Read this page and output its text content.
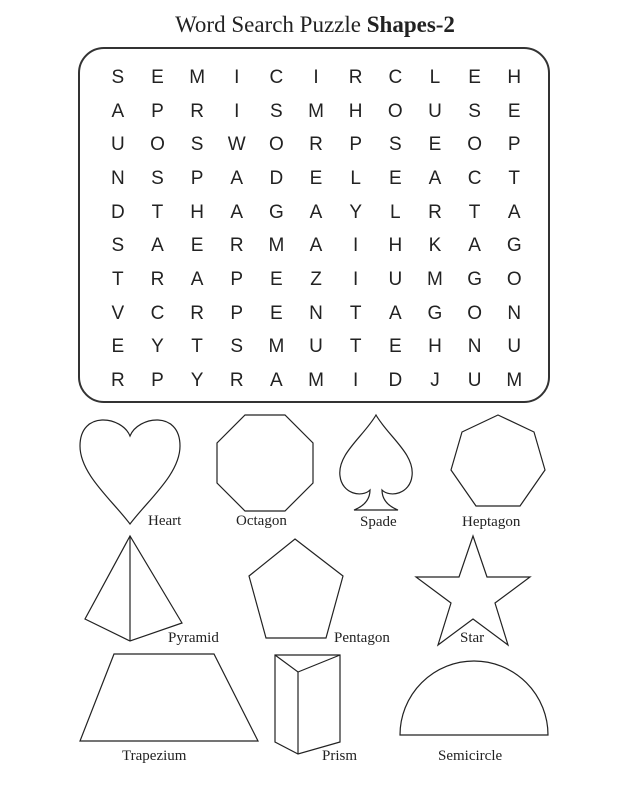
Word Search Puzzle Shapes-2
S	E	M	I	C	I	R	C	L	E	H
A	P	R	I	S	M	H	O	U	S	E
U	O	S	W	O	R	P	S	E	O	P
N	S	P	A	D	E	L	E	A	C	T
D	T	H	A	G	A	Y	L	R	T	A
S	A	E	R	M	A	I	H	K	A	G
T	R	A	P	E	Z	I	U	M	G	O
V	C	R	P	E	N	T	A	G	O	N
E	Y	T	S	M	U	T	E	H	N	U
R	P	Y	R	A	M	I	D	J	U	M
Heart	Octagon	Spade	Heptagon
Pyramid	Pentagon	Star
Trapezium	Prism	Semicircle
